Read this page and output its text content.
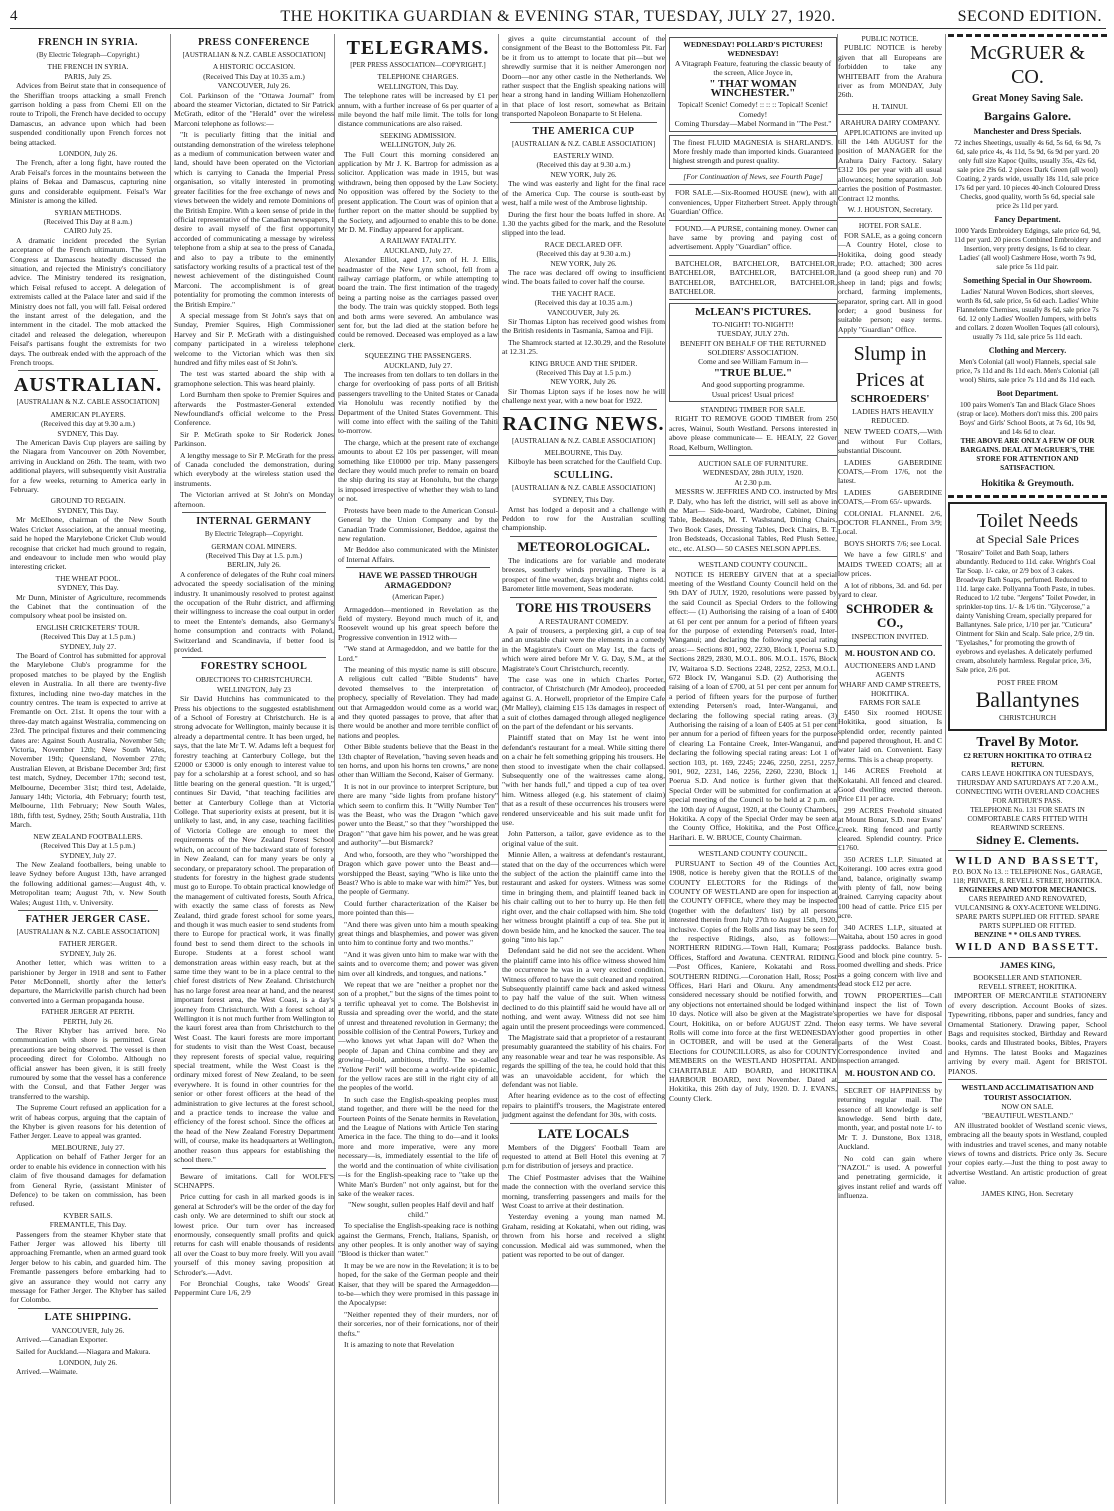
4	THE HOKITIKA GUARDIAN & EVENING STAR, TUESDAY, JULY 27, 1920.	SECOND EDITION.
FRENCH IN SYRIA.
(By Electric Telegraph—Copyright.)
THE FRENCH IN SYRIA.
PARIS, July 25.

Advices from Beirut state that in consequence of the Sheriffian troops attacking a small French garrison holding a pass from Chemi Ell on the route to Tripoli, the French have decided to occupy Damascus, an advance upon which had been suspended conditionally upon French forces not being attacked.

LONDON, July 26.

The French, after a long fight, have routed the Arab Feisal's forces in the mountains between the plains of Bekaa and Damascus, capturing nine guns and considerable equipment. Feisal's War Minister is among the killed.

SYRIAN METHODS.
(Received This Day at 8 a.m.)
CAIRO July 25.

A dramatic incident preceded the Syrian acceptance of the French ultimatum. The Syrian Congress at Damascus heatedly discussed the situation, and rejected the Ministry's conciliatory advice. The Ministry tendered its resignation, which Feisal refused to accept. A delegation of extremists called at the Palace later and said if the Ministry does not fall, you will fall. Feisal ordered the instant arrest of the delegation, and the internment in the citadel. The mob attacked the citadel and released the delegation, whereupon Feisal's partisans fought the extremists for two days. The outbreak ended with the approach of the French troops.

AUSTRALIAN.
[AUSTRALIAN & N.Z. CABLE ASSOCIATION]
AMERICAN PLAYERS.
(Received this day at 9.30 a.m.)
SYDNEY, This Day.

The American Davis Cup players are sailing by the Niagara from Vancouver on 20th November, arriving in Auckland on 26th. The team, with two additional players, will subsequently visit Australia for a few weeks, returning to America early in February.

GROUND TO REGAIN.
SYDNEY, This Day.

Mr McElhone, chairman of the New South Wales Cricket Association, at the annual meeting, said he hoped the Marylebone Cricket Club would recognise that cricket had much ground to regain, and endeavour to include men who would play interesting cricket.

THE WHEAT POOL.
SYDNEY, This Day.

Mr Dunn, Minister of Agriculture, recommends the Cabinet that the continuation of the compulsory wheat pool be insisted on.

ENGLISH CRICKETERS' TOUR.
(Received This Day at 1.5 p.m.)
SYDNEY, July 27.

The Board of Control has submitted for approval the Marylebone Club's programme for the proposed matches to be played by the English eleven in Australia. In all there are twenty-five fixtures, including nine two-day matches in the country centres. The team is expected to arrive at Fremantle on Oct. 21st. It opens the tour with a three-day match against Westralia, commencing on 23rd. The principal fixtures and their commencing dates are: Against South Australia, November 5th; Victoria, November 12th; New South Wales, November 19th; Queensland, November 27th; Australian Eleven, at Brisbane December 3rd; first test match, Sydney, December 17th; second test, Melbourne, December 31st; third test, Adelaide, January 14th; Victoria, 4th February; fourth test, Melbourne, 11th February; New South Wales, 18th, fifth test, Sydney, 25th; South Australia, 11th March.

NEW ZEALAND FOOTBALLERS.
(Received This Day at 1.5 p.m.)
SYDNEY, July 27.

The New Zealand footballers, being unable to leave Sydney before August 13th, have arranged the following additional games:—August 4th, v. Metropolitan team; August 7th, v. New South Wales; August 11th, v. University.

FATHER JERGER CASE.
[AUSTRALIAN & N.Z. CABLE ASSOCIATION]
FATHER JERGER.
SYDNEY, July 26.

Another letter, which was written to a parishioner by Jerger in 1918 and sent to Father Peter McDonnell, shortly after the letter's departure, the Marrickville parish church had been converted into a German propaganda house.

FATHER JERGER AT PERTH.
PERTH, July 26.

The River Khyber has arrived here. No communication with shore is permitted. Great precautions are being observed. The vessel is then proceeding direct for Colombo. Although no official answer has been given, it is still freely rumoured by some that the vessel has a conference with the Consul, and that Father Jerger was transferred to the warship.

The Supreme Court refused an application for a writ of habeas corpus, arguing that the captain of the Khyber is given reasons for his detention of Father Jerger. Leave to appeal was granted.

MELBOURNE, July 27.

Application on behalf of Father Jerger for an order to enable his evidence in connection with his claim of five thousand damages for defamation from General Ryrie, (assistant Minister of Defence) to be taken on commission, has been refused.

KYBER SAILS.
FREMANTLE, This Day.

Passengers from the steamer Khyber state that Father Jerger was allowed his liberty till approaching Fremantle, when an armed guard took Jerger below to his cabin, and guarded him. The Fremantle passengers before embarking had to give an assurance they would not carry any message for Father Jerger. The Khyber has sailed for Colombo.

LATE SHIPPING.
VANCOUVER, July 26.

Arrived.—Canadian Exporter.

Sailed for Auckland.—Niagara and Makura.

LONDON, July 26.

Arrived.—Waimate.

PRESS CONFERENCE
[AUSTRALIAN & N.Z. CABLE ASSOCIATION]
A HISTORIC OCCASION.
(Received This Day at 10.35 a.m.)
VANCOUVER, July 26.

Col. Parkinson of the "Ottawa Journal" from aboard the steamer Victorian, dictated to Sir Patrick McGrath, editor of the "Herald" over the wireless Marconi telephone as follows:—

"It is peculiarly fitting that the initial and outstanding demonstration of the wireless telephone as a medium of communication between water and land, should have been operated on the Victorian which is carrying to Canada the Imperial Press organisation, so vitally interested in promoting greater facilities for the free exchange of news and views between the widely and remote Dominions of the British Empire. With a keen sense of pride in the official representative of the Canadian newspapers, I desire to avail myself of the first opportunity accorded of communicating a message by wireless telephone from a ship at sea to the press of Canada, and also to pay a tribute to the eminently satisfactory working results of a practical test of the newest achievement of the distinguished Count Marconi. The accomplishment is of great potentiality for promoting the common interests of the British Empire."

A special message from St John's says that on Sunday, Premier Squires, High Commissioner Harvey and Sir P. McGrath with a distinguished company participated in a wireless telephone welcome to the Victorian which was then six hundred and fifty miles east of St John's.

The test was started aboard the ship with a gramophone selection. This was heard plainly.

Lord Burnham then spoke to Premier Squires and afterwards the Postmaster-General extended Newfoundland's official welcome to the Press Conference.

Sir P. McGrath spoke to Sir Roderick Jones Parkinson.

A lengthy message to Sir P. McGrath for the press of Canada concluded the demonstration, during which everybody at the wireless station used the instruments.

The Victorian arrived at St John's on Monday afternoon.

INTERNAL GERMANY
By Electric Telegraph—Copyright.
GERMAN COAL MINERS.
(Received This Day at 1.5. p.m.)
BERLIN, July 26.

A conference of delegates of the Ruhr coal miners advocated the speedy socialisation of the mining industry. It unanimously resolved to protest against the occupation of the Ruhr district, and affirming their willingness to increase the coal output in order to meet the Entente's demands, also Germany's home consumption and contracts with Poland, Switzerland and Scandinavia, if better food is provided.

FORESTRY SCHOOL
OBJECTIONS TO CHRISTCHURCH.
WELLINGTON, July 23

Sir David Hutchins has communicated to the Press his objections to the suggested establishment of a School of Forestry at Christchurch. He is a strong advocate for Wellington, mainly because it is already a departmental centre. It has been urged, he says, that the late Mr T. W. Adams left a bequest for forestry teaching at Canterbury College, but the £2000 or £3000 is only enough to interest value to pay for a scholarship at a forest school, and so has little bearing on the general question. "It is urged," continues Sir David, "that teaching facilities are better at Canterbury College than at Victoria College. That superiority exists at present, but it is unlikely to last, and, in any case, teaching facilities of Victoria College are enough to meet the requirements of the New Zealand Forest School which, on account of the backward state of forestry in New Zealand, can for many years be only a secondary, or preparatory school. The preparation of students for forestry in the highest grade students must go to Europe. To obtain practical knowledge of the management of cultivated forests, South Africa, with exactly the same class of forests as New Zealand, third grade forest school for some years, and though it was much easier to send students from there to Europe for practical work, it was finally found best to send them direct to the schools in Europe. Students at a forest school want demonstration areas within easy reach, but at the same time they want to be in a place central to the chief forest districts of New Zealand. Christchurch has no large forest area near at hand, and the nearest important forest area, the West Coast, is a day's journey from Christchurch. With a forest school at Wellington it is not much further from Wellington to the kauri forest area than from Christchurch to the West Coast. The kauri forests are more important for students to visit than the West Coast, because they represent forests of special value, requiring special treatment, while the West Coast is the ordinary mixed forest of New Zealand, to be seen everywhere. It is found in other countries for the senior or other forest officers at the head of the administration to give lectures at the forest school, and a practice tends to increase the value and efficiency of the forest school. Since the offices at the head of the New Zealand Forestry Department will, of course, make its headquarters at Wellington, another reason thus appears for establishing the school there."

Beware of imitations. Call for WOLFE'S SCHNAPPS.

Price cutting for cash in all marked goods is in general at Schroder's will be the order of the day for cash only. We are determined to shift our stock at lowest price. Our turn over has increased enormously, consequently small profits and quick returns for cash will enable thousands of residents all over the Coast to buy more freely. Will you avail yourself of this money saving proposition at Schroder's.—Advt.

For Bronchial Coughs, take Woods' Great Peppermint Cure 1/6, 2/9

TELEGRAMS.
[PER PRESS ASSOCIATION—COPYRIGHT.]
TELEPHONE CHARGES.
WELLINGTON, This Day.

The telephone rates will be increased by £1 per annum, with a further increase of 6s per quarter of a mile beyond the half mile limit. The tolls for long distance communications are also raised.

SEEKING ADMISSION.
WELLINGTON, July 26.

The Full Court this morning considered an application by Mr J. K. Bartrop for admission as a solicitor. Application was made in 1915, but was withdrawn, being then opposed by the Law Society. No opposition was offered by the Society to the present application. The Court was of opinion that a further report on the matter should be supplied by the Society, and adjourned to enable this to be done. Mr D. M. Findlay appeared for applicant.

A RAILWAY FATALITY.
AUCKLAND, July 27.

Alexander Elliot, aged 17, son of H. J. Ellis, headmaster of the New Lynn school, fell from a railway carriage platform, or while attempting to board the train. The first intimation of the tragedy being a parting noise as the carriages passed over the body. The train was quickly stopped. Both legs and both arms were severed. An ambulance was sent for, but the lad died at the station before he could be removed. Deceased was employed as a law clerk.

SQUEEZING THE PASSENGERS.
AUCKLAND, July 27.

The increases from ten dollars to ten dollars in the charge for overlooking of pass ports of all British passengers travelling to the United States or Canada via Honolulu was recently notified by the Department of the United States Government. This will come into effect with the sailing of the Tahiti to-morrow.

The charge, which at the present rate of exchange amounts to about £2 10s per passenger, will mean something like £10000 per trip. Many passengers declare they would much prefer to remain on board the ship during its stay at Honolulu, but the charge is imposed irrespective of whether they wish to land or not.

Protests have been made to the American Consul-General by the Union Company and by the Canadian Trade Commissioner, Beddoe, against the new regulation.

Mr Beddoe also communicated with the Minister of Internal Affairs.

HAVE WE PASSED THROUGH ARMAGEDDON?
(American Paper.)

Armageddon—mentioned in Revelation as the field of mystery. Beyond much much of it, and Roosevelt wound up his great speech before the Progressive convention in 1912 with—

"We stand at Armageddon, and we battle for the Lord."

The meaning of this mystic name is still obscure. A religious cult called "Bible Students" have devoted themselves to the interpretation of prophecy, specially of Revelation. They had made out that Armageddon would come as a world war, and they quoted passages to prove, that after that there would be another and more terrible conflict of nations and peoples.

Other Bible students believe that the Beast in the 13th chapter of Revelation, "having seven heads and ten horns, and upon his horns ten crowns," are none other than William the Second, Kaiser of Germany.

It is not in our province to interpret Scripture, but there are many "side lights from profane history" which seem to confirm this. It "Willy Number Ten" was the Beast, who was the Dragon "which gave power unto the Beast," so that they "worshipped the Dragon" "that gave him his power, and he was great and authority"—but Bismarck?

And who, forsooth, are they who "worshipped the Dragon which gave power unto the Beast and—worshipped the Beast, saying "Who is like unto the Beast? Who is able to make war with him?" Yes, but the people of Germany.

Could further characterization of the Kaiser be more pointed than this—

"And there was given unto him a mouth speaking great things and blasphemies, and power was given unto him to continue forty and two months."

"And it was given unto him to make war with the saints and to overcome them; and power was given him over all kindreds, and tongues, and nations."

We repeat that we are "neither a prophet nor the son of a prophet," but the signs of the times point to a terrific upheaval yet to come. The Bolshevist in Russia and spreading over the world, and the state of unrest and threatened revolution in Germany; the possible collision of the Central Powers, Turkey and—who knows yet what Japan will do? When the people of Japan and China combine and they are growing—bold, ambitious, thrifty. The so-called "Yellow Peril" will become a world-wide epidemic, for the yellow races are still in the right city of all the peoples of the world.

In such case the English-speaking peoples must stand together, and there will be the need for the Fourteen Points of the Senate hermits in Revelation, and the League of Nations with Article Ten staring America in the face. The thing to do—and it looks more and more imperative, were any more necessary—is, immediately essential to the life of the world and the continuation of white civilisation—is for the English-speaking race to "take up the White Man's Burden" not only against, but for the sake of the weaker races.

"New sought, sullen peoples Half devil and half child."

To specialise the English-speaking race is nothing against the Germans, French, Italians, Spanish, or any other peoples. It is only another way of saying "Blood is thicker than water."

It may be we are now in the Revelation; it is to be hoped, for the sake of the German people and their Kaiser, that they will be spared the Armageddon—to-be—which they were promised in this passage in the Apocalypse:

"Neither repented they of their murders, nor of their sorceries, nor of their fornications, nor of their thefts."

It is amazing to note that Revelation

gives a quite circumstantial account of the consignment of the Beast to the Bottomless Pit. Far be it from us to attempt to locate that pit—but we shrewdly surmise that it is neither Amerongen nor Doorn—nor any other castle in the Netherlands. We rather suspect that the English speaking nations will hear a strong hand in landing William Hohenzollern in that place of lost resort, somewhat as Britain transported Napoleon Bonaparte to St Helena.

THE AMERICA CUP
[AUSTRALIAN & N.Z. CABLE ASSOCIATION]
EASTERLY WIND.
(Received this day at 9.30 a.m.)
NEW YORK, July 26.

The wind was easterly and light for the final race of the America Cup. The course is south-east by west, half a mile west of the Ambrose lightship.

During the first hour the boats luffed in shore. At 1.30 the yachts gibed for the mark, and the Resolute slipped into the lead.

RACE DECLARED OFF.
(Received this day at 9.30 a.m.)
NEW YORK, July 26.

The race was declared off owing to insufficient wind. The boats failed to cover half the course.

THE YACHT RACE.
(Received this day at 10.35 a.m.)
VANCOUVER, July 26.

Sir Thomas Lipton has received good wishes from the British residents in Tasmania, Samoa and Fiji.

The Shamrock started at 12.30.29, and the Resolute at 12.31.25.

KING BRUCE AND THE SPIDER.
(Received This Day at 1.5 p.m.)
NEW YORK, July 26.

Sir Thomas Lipton says if he loses now he will challenge next year, with a new boat for 1922.

RACING NEWS.
[AUSTRALIAN & N.Z. CABLE ASSOCIATION]
MELBOURNE, This Day.

Kilboyle has been scratched for the Caulfield Cup.

SCULLING.
[AUSTRALIAN & N.Z. CABLE ASSOCIATION]
SYDNEY, This Day.

Arnst has lodged a deposit and a challenge with Peddon to row for the Australian sculling championship.

METEOROLOGICAL.

The indications are for variable and moderate breezes, southerly winds prevailing. There is a prospect of fine weather, days bright and nights cold. Barometer little movement, Seas moderate.

TORE HIS TROUSERS
A RESTAURANT COMEDY.

A pair of trousers, a perplexing girl, a cup of tea and an unstable chair were the elements in a comedy in the Magistrate's Court on May 1st, the facts of which were aired before Mr V. G. Day, S.M., at the Magistrate's Court Christchurch, recently.

The case was one in which Charles Porter, contractor, of Christchurch (Mr Amodeo), proceeded against G. A. Horwell, proprietor of the Empire Cafe (Mr Malley), claiming £15 13s damages in respect of a suit of clothes damaged through alleged negligence on the part of the defendant or his servants.

Plaintiff stated that on May 1st he went into defendant's restaurant for a meal. While sitting there on a chair he felt something gripping his trousers. He then stood to investigate when the chair collapsed. Subsequently one of the waitresses came along, "with her hands full," and tipped a cup of tea over him. Witness alleged (e.g. his statement of claim) that as a result of these occurrences his trousers were rendered unserviceable and his suit made unfit for use.

John Patterson, a tailor, gave evidence as to the original value of the suit.

Minnie Allen, a waitress at defendant's restaurant, stated that on the day of the occurrences which were the subject of the action the plaintiff came into the restaurant and asked for oysters. Witness was some time in bringing them, and plaintiff leaned back in his chair calling out to her to hurry up. He then fell right over, and the chair collapsed with him. She told her witness brought plaintiff a cup of tea. She put it down beside him, and he knocked the saucer. The tea going "into his lap."

Defendant said he did not see the accident. When the plaintiff came into his office witness showed him the occurrence he was in a very excited condition. Witness offered to have the suit cleaned and repaired. Subsequently plaintiff came back and asked witness to pay half the value of the suit. When witness declined to do this plaintiff said he would have all or nothing, and went away. Witness did not see him again until the present proceedings were commenced.

The Magistrate said that a proprietor of a restaurant presumably guaranteed the stability of his chairs. For any reasonable wear and tear he was responsible. As regards the spilling of the tea, he could hold that this was an unavoidable accident, for which the defendant was not liable.

After hearing evidence as to the cost of effecting repairs to plaintiff's trousers, the Magistrate entered judgment against the defendant for 30s, with costs.

LATE LOCALS

Members of the Diggers' Football Team are requested to attend at Bell Hotel this evening at 7 p.m for distribution of jerseys and practice.

The Chief Postmaster advises that the Waihine made the connection with the overland service this morning, transferring passengers and mails for the West Coast to arrive at their destination.

Yesterday evening a young man named M. Graham, residing at Kokatahi, when out riding, was thrown from his horse and received a slight concussion. Medical aid was summoned, when the patient was reported to be out of danger.

WEDNESDAY! POLLARD'S PICTURES! WEDNESDAY!
A Vitagraph Feature, featuring the classic beauty of the screen, Alice Joyce in,
" THAT WOMAN WINCHESTER."
Topical! Scenic! Comedy! :: :: :: Topical! Scenic! Comedy!
Coming Thursday—Mabel Normand in "The Pest."
The finest FLUID MAGNESIA is SHARLAND'S. More freshly made than imported kinds. Guaranteed highest strength and purest quality.
[For Continuation of News, see Fourth Page]

FOR SALE.—Six-Roomed HOUSE (new), with all conveniences, Upper Fitzherbert Street. Apply through 'Guardian' Office.

FOUND.—A PURSE, containing money. Owner can have same by proving and paying cost of advertisement. Apply "Guardian" office.

BATCHELOR, BATCHELOR, BATCHELOR, BATCHELOR, BATCHELOR, BATCHELOR, BATCHELOR, BATCHELOR, BATCHELOR, BATCHELOR.

McLEAN'S PICTURES.
TO-NIGHT! TO-NIGHT!!
TUESDAY, JULY 27th.
BENEFIT ON BEHALF OF THE RETURNED SOLDIERS' ASSOCIATION.
Come and see William Farnum in—
"TRUE BLUE."
And good supporting programme.
Usual prices! Usual prices!
STANDING TIMBER FOR SALE.

RIGHT TO REMOVE GOOD TIMBER from 250 acres, Wainui, South Westland. Persons interested in above please communicate— E. HEALY, 22 Gover Road, Kelburn, Wellington.

AUCTION SALE OF FURNITURE.
WEDNESDAY, 28th JULY, 1920.
At 2.30 p.m.

MESSRS W. JEFFRIES AND CO. instructed by Mrs P. Daly, who has left the district, will sell as above in the Mart— Side-board, Wardrobe, Cabinet, Dining Table, Bedsteads, M. T. Washstand, Dining Chairs, Two Book Cases, Dressing Tables, Deck Chairs, B. T. Iron Bedsteads, Occasional Tables, Red Plush Settee, etc., etc. ALSO— 50 CASES NELSON APPLES.

WESTLAND COUNTY COUNCIL.

NOTICE IS HEREBY GIVEN that at a special meeting of the Westland County Council held on the 9th DAY of JULY, 1920, resolutions were passed by the said Council as Special Orders to the following effect:— (1) Authorising the raising of a loan of £400 at 61 per cent per annum for a period of fifteen years for the purpose of extending Petersen's road, Inter-Wanganui; and declaring the following special rating areas:— Sections 801, 902, 2230, Block I, Poerua S.D. Sections 2829, 2830, M.O.L. 806. M.O.L. 1576, Block IV, Waitaroa S.D. Sections 2248, 2252, 2253, M.O.L. 672 Block IV, Wanganui S.D. (2) Authorising the raising of a loan of £700, at 51 per cent per annum for a period of fifteen years for the purpose of further extending Petersen's road, Inter-Wanganui, and declaring the following special rating areas. (3) Authorising the raising of a loan of £405 at 51 per cent per annum for a period of fifteen years for the purpose of clearing La Fontaine Creek, Inter-Wanganui, and declaring the following special rating areas: Lot 1 of section 103, pt. 169, 2245; 2246, 2250, 2251, 2257, 901, 902, 2231, 146, 2256, 2260, 2230, Block 1, Poerua S.D. And notice is further given that the Special Order will be submitted for confirmation at a special meeting of the Council to be held at 2 p.m. on the 10th day of August, 1920, at the County Chambers, Hokitika. A copy of the Special Order may be seen at the County Office, Hokitika, and the Post Office, Harihari. E. W. BRUCE, County Chairman.

WESTLAND COUNTY COUNCIL.

PURSUANT to Section 49 of the Counties Act, 1908, notice is hereby given that the ROLLS of the COUNTY ELECTORS for the Ridings of the COUNTY OF WESTLAND are open for inspection at the COUNTY OFFICE, where they may be inspected (together with the defaulters' list) by all persons interested therein from July 27th to August 15th, 1920, inclusive. Copies of the Rolls and lists may be seen for the respective Ridings, also, as follows:— NORTHERN RIDING.—Town Hall, Kumara; Post Offices, Stafford and Awatuna. CENTRAL RIDING.—Post Offices, Kaniere, Kokatahi and Ross. SOUTHERN RIDING.—Coronation Hall, Ross; Post Offices, Hari Hari and Okuru. Any amendments considered necessary should be notified forwith, and any objections not entertained should be lodged within 10 days. Notice will also be given at the Magistrate's Court, Hokitika, on or before AUGUST 22nd. The Rolls will come into force at the first WEDNESDAY in OCTOBER, and will be used at the General Elections for COUNCILLORS, as also for COUNTY MEMBERS on the WESTLAND HOSPITAL AND CHARITABLE AID BOARD, and HOKITIKA HARBOUR BOARD, next November. Dated at Hokitika, this 26th day of July, 1920. D. J. EVANS, County Clerk.

PUBLIC NOTICE.

PUBLIC NOTICE is hereby given that all Europeans are forbidden to take any WHITEBAIT from the Arahura river as from MONDAY, July 26th.

H. TAINUI.
ARAHURA DAIRY COMPANY.

APPLICATIONS are invited up till the 14th AUGUST for the position of MANAGER for the Arahura Dairy Factory. Salary £312 10s per year with all usual allowances; home separation. Job carries the position of Postmaster. Contract 12 months.

W. J. HOUSTON, Secretary.
HOTEL FOR SALE.

FOR SALE, as a going concern—A Country Hotel, close to Hokitika, doing good steady trade; P.O. attached; 300 acres land (a good sheep run) and 70 sheep in land; pigs and fowls; orchard, farming implements, separator, spring cart. All in good order; a good business for suitable person; easy terms. Apply "Guardian" Office.

Slump in
Prices at
SCHROEDERS'

LADIES HATS HEAVILY REDUCED.

NEW TWEED COATS,—With and without Fur Collars, substantial Discount.

LADIES GABERDINE COATS,—From 17/6, not the latest.

LADIES GABERDINE COATS,—From 65/- upwards.

COLONIAL FLANNEL 2/6, DOCTOR FLANNEL, From 3/9; Local.

BOYS SHORTS 7/6; see Local.

We have a few GIRLS' and MAIDS TWEED COATS; all at low prices.

A lot of ribbons, 3d. and 6d. per yard to clear.

SCHRODER & CO.,
INSPECTION INVITED.
M. HOUSTON AND CO.
AUCTIONEERS AND LAND AGENTS
WHARF AND CAMP STREETS, HOKITIKA.
FARMS FOR SALE

£450 Six roomed HOUSE Hokitika, good situation, Is splendid order, recently painted and papered throughout, H. and C water laid on. Convenient. Easy terms. This is a cheap property.

146 ACRES Freehold at Kokatahi. All fenced and cleared. Good dwelling erected thereon. Price £11 per acre.

299 ACRES Freehold situated at Mount Bonar, S.D. near Evans' Creek. Ring fenced and partly cleared. Splendid country. Price £1760.

350 ACRES L.I.P. Situated at Koiterangi. 100 acres extra good land, balance, originally swamp with plenty of fall, now being drained. Carrying capacity about 100 head of cattle. Price £15 per acre.

340 ACRES L.I.P., situated at Waitaha, about 150 acres in good grass paddocks. Balance bush. Good and block pine country. 5-roomed dwelling and sheds. Price as a going concern with live and dead stock £12 per acre.

TOWN PROPERTIES—Call and inspect the list of Town properties we have for disposal on easy terms. We have several other good properties in other parts of the West Coast. Correspondence invited and inspection arranged.

M. HOUSTON AND CO.

SECRET OF HAPPINESS by returning regular mail. The essence of all knowledge is self knowledge. Send birth date, month, year, and postal note 1/- to Mr T. J. Dunstone, Box 1318, Auckland.

No cold can gain where "NAZOL" is used. A powerful and penetrating germicide, it gives instant relief and wards off influenza.

McGRUER & CO.
Great Money Saving Sale.
Bargains Galore.
Manchester and Dress Specials.
72 inches Sheetings, usually 4s 6d, 5s 6d, 6s 9d, 7s 6d, sale price 4s, 4s 11d, 5s 9d, 6s 9d per yard. 20 only full size Kapoc Quilts, usually 35s, 42s 6d, sale price 29s 6d. 2 pieces Dark Green (all wool) Coating, 2 yards wide, usually 18s 11d, sale price 17s 6d per yard. 10 pieces 40-inch Coloured Dress Checks, good quality, worth 5s 6d, special sale price 2s 11d per yard.
Fancy Department.
1000 Yards Embroidery Edgings, sale price 6d, 9d, 11d per yard. 20 pieces Combined Embroidery and Insertion, very pretty designs, 1s 6d to clear. Ladies' (all wool) Cashmere Hose, worth 7s 9d, sale price 5s 11d pair.
Something Special in Our Showroom.
Ladies' Natural Woven Bodices, short sleeves, worth 8s 6d, sale price, 5s 6d each. Ladies' White Flannelette Chemises, usually 8s 6d, sale price 7s 6d. 12 only Ladies' Woollen Jumpers, with belts and collars. 2 dozen Woollen Toques (all colours), usually 7s 11d, sale price 5s 11d each.
Clothing and Mercery.
Men's Colonial (all wool) Flannels, special sale price, 7s 11d and 8s 11d each. Men's Colonial (all wool) Shirts, sale price 7s 11d and 8s 11d each.
Boot Department.
100 pairs Women's Tan and Black Glace Shoes (strap or lace). Mothers don't miss this. 200 pairs Boys' and Girls' School Boots, at 7s 6d, 10s 9d, and 14s 6d to clear.
THE ABOVE ARE ONLY A FEW OF OUR BARGAINS. DEAL AT McGRUER'S, THE STORE FOR ATTENTION AND SATISFACTION.
Hokitika & Greymouth.
Toilet Needs
at Special Sale Prices
"Rosaire" Toilet and Bath Soap, lathers abundantly. Reduced to 11d. cake. Wright's Coal Tar Soap. 1/- cake, or 2/9 box of 3 cakes. Broadway Bath Soaps, perfumed. Reduced to 11d. large cake. Pollyanna Tooth Paste, in tubes. Reduced to 1/2 tube. "Jergens" Toilet Powder, in sprinkler-top tins. 1/- & 1/6 tin. "Glycerose," a dainty Vanishing Cream, specially prepared for Ballantynes. Sale price, 1/10 per jar. "Cuticura" Ointment for Skin and Scalp. Sale price, 2/9 tin. "Eyelashes," for promoting the growth of eyebrows and eyelashes. A delicately perfumed cream, absolutely harmless. Regular price, 3/6, Sale price, 2/6 pot.
POST FREE FROM
Ballantynes
CHRISTCHURCH
Travel By Motor.
£2 RETURN HOKITIKA TO OTIRA £2 RETURN.
CARS LEAVE HOKITIKA ON TUESDAYS, THURSDAY AND SATURDAYS AT 7.20 A.M., CONNECTING WITH OVERLAND COACHES FOR ARTHUR'S PASS.
TELEPHONE No. 131 FOR SEATS IN COMFORTABLE CARS FITTED WITH REARWIND SCREENS.
Sidney E. Clements.
WILD AND BASSETT,
P.O. BOX No 13. :: TELEPHONE Nos., GARAGE, 118; PRIVATE, 8. REVELL STREET, HOKITIKA.
ENGINEERS AND MOTOR MECHANICS.
CARS REPAIRED AND RENOVATED, VULCANISING & OXY-ACETONE WELDING.
SPARE PARTS SUPPLIED OR FITTED. SPARE PARTS SUPPLIED OR FITTED.
BENZINE * * OILS AND TYRES.
WILD AND BASSETT.
JAMES KING,
BOOKSELLER AND STATIONER.
REVELL STREET, HOKITIKA.

IMPORTER OF MERCANTILE STATIONERY of every description. Account Books of sizes. Typewriting, ribbons, paper and sundries, fancy and Ornamental Stationery. Drawing paper, School Bags and requisites stocked, Birthday and Reward books, cards and Illustrated books, Bibles, Prayers and Hymns. The latest Books and Magazines arriving by every mail. Agent for BRISTOL PIANOS.

WESTLAND ACCLIMATISATION AND TOURIST ASSOCIATION.
NOW ON SALE.
"BEAUTIFUL WESTLAND."

AN illustrated booklet of Westland scenic views, embracing all the beauty spots in Westland, coupled with industries and travel scenes, and many notable views of towns and districts. Price only 3s. Secure your copies early.—Just the thing to post away to advertise Westland. An artistic production of great value.

JAMES KING, Hon. Secretary
